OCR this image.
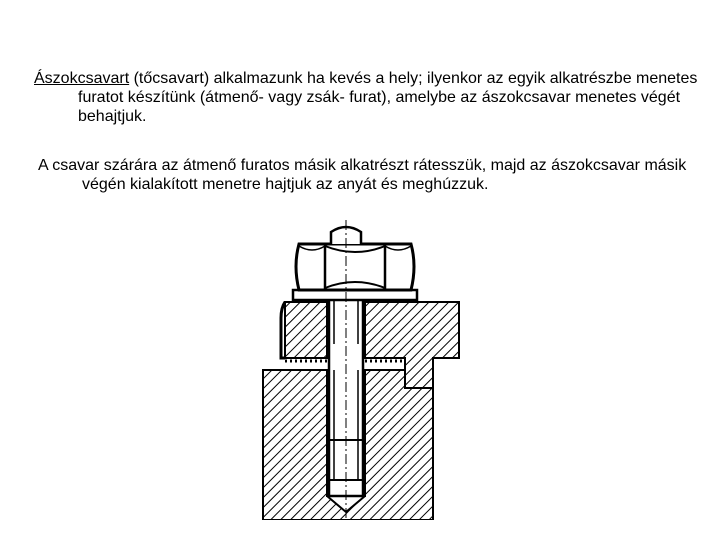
Ászokcsavart (tőcsavart) alkalmazunk ha kevés a hely; ilyenkor az egyik alkatrészbe menetes furatot készítünk (átmenő- vagy zsák- furat), amelybe az ászokcsavar menetes végét behajtjuk.

A csavar szárára az átmenő furatos másik alkatrészt rátesszük, majd az ászokcsavar másik végén kialakított menetre hajtjuk az anyát és meghúzzuk.
